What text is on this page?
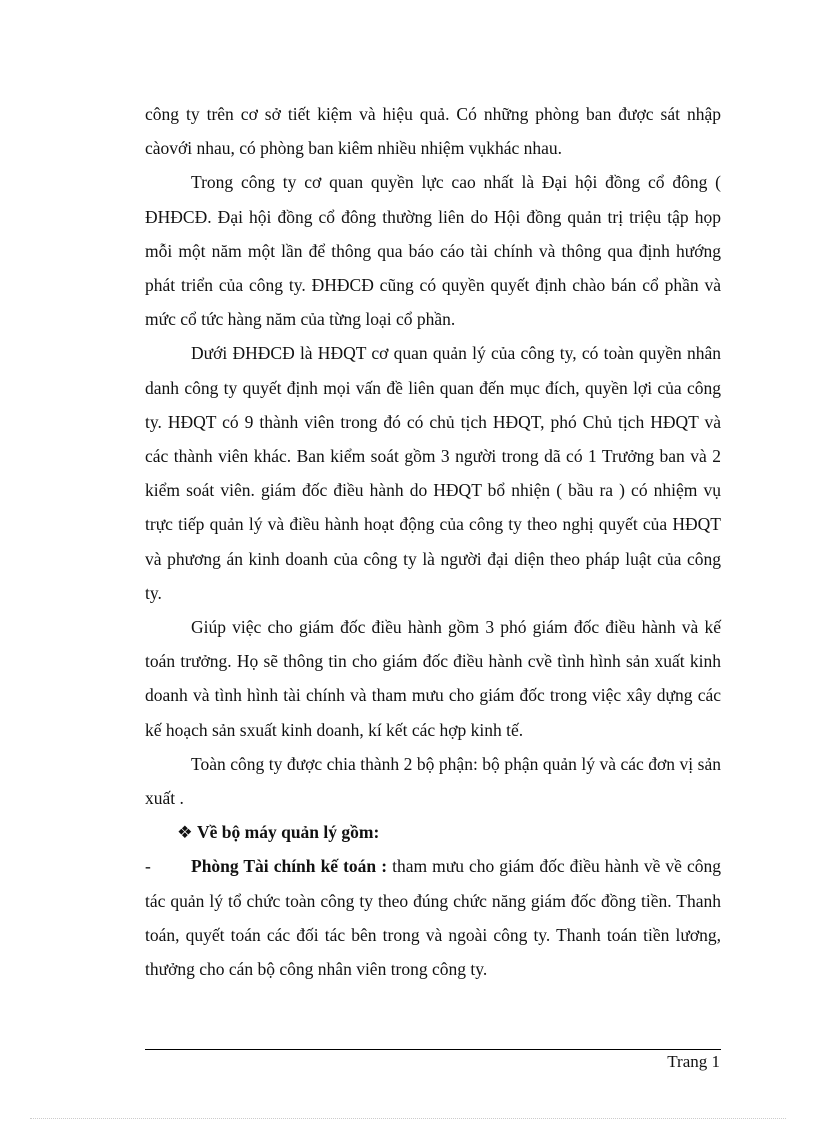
công ty trên cơ sở tiết kiệm và hiệu quả. Có những phòng ban được sát nhập càovới nhau, có phòng ban kiêm nhiều nhiệm vụkhác nhau.

Trong công ty cơ quan quyền lực cao nhất là Đại hội đồng cổ đông ( ĐHĐCĐ. Đại hội đồng cổ đông thường liên do Hội đồng quản trị triệu tập họp mỗi một năm một lần để thông qua báo cáo tài chính và thông qua định hướng phát triển của công ty. ĐHĐCĐ cũng có quyền quyết định chào bán cổ phần và mức cổ tức hàng năm của từng loại cổ phần.

Dưới ĐHĐCĐ là HĐQT cơ quan quản lý của công ty, có toàn quyền nhân danh công ty quyết định mọi vấn đề liên quan đến mục đích, quyền lợi của công ty. HĐQT có 9 thành viên trong đó có chủ tịch HĐQT, phó Chủ tịch HĐQT và các thành viên khác. Ban kiểm soát gồm 3 người trong dã có 1 Trưởng ban và 2 kiểm soát viên. giám đốc điều hành do HĐQT bổ nhiện ( bầu ra ) có nhiệm vụ trực tiếp quản lý và điều hành hoạt động của công ty theo nghị quyết của HĐQT và phương án kinh doanh của công ty là người đại diện theo pháp luật của công ty.

Giúp việc cho giám đốc điều hành gồm 3 phó giám đốc điều hành và kế toán trưởng. Họ sẽ thông tin cho giám đốc điều hành cvề tình hình sản xuất kinh doanh và tình hình tài chính và tham mưu cho giám đốc trong việc xây dựng các kế hoạch sản sxuất kinh doanh, kí kết các hợp kinh tế.

Toàn công ty được chia thành 2 bộ phận: bộ phận quản lý và các đơn vị sản xuất .

❖ Về bộ máy quản lý gồm:

- Phòng Tài chính kế toán : tham mưu cho giám đốc điều hành về về công tác quản lý tổ chức toàn công ty theo đúng chức năng giám đốc đồng tiền. Thanh toán, quyết toán các đối tác bên trong và ngoài công ty. Thanh toán tiền lương, thưởng cho cán bộ công nhân viên trong công ty.

Trang 1
